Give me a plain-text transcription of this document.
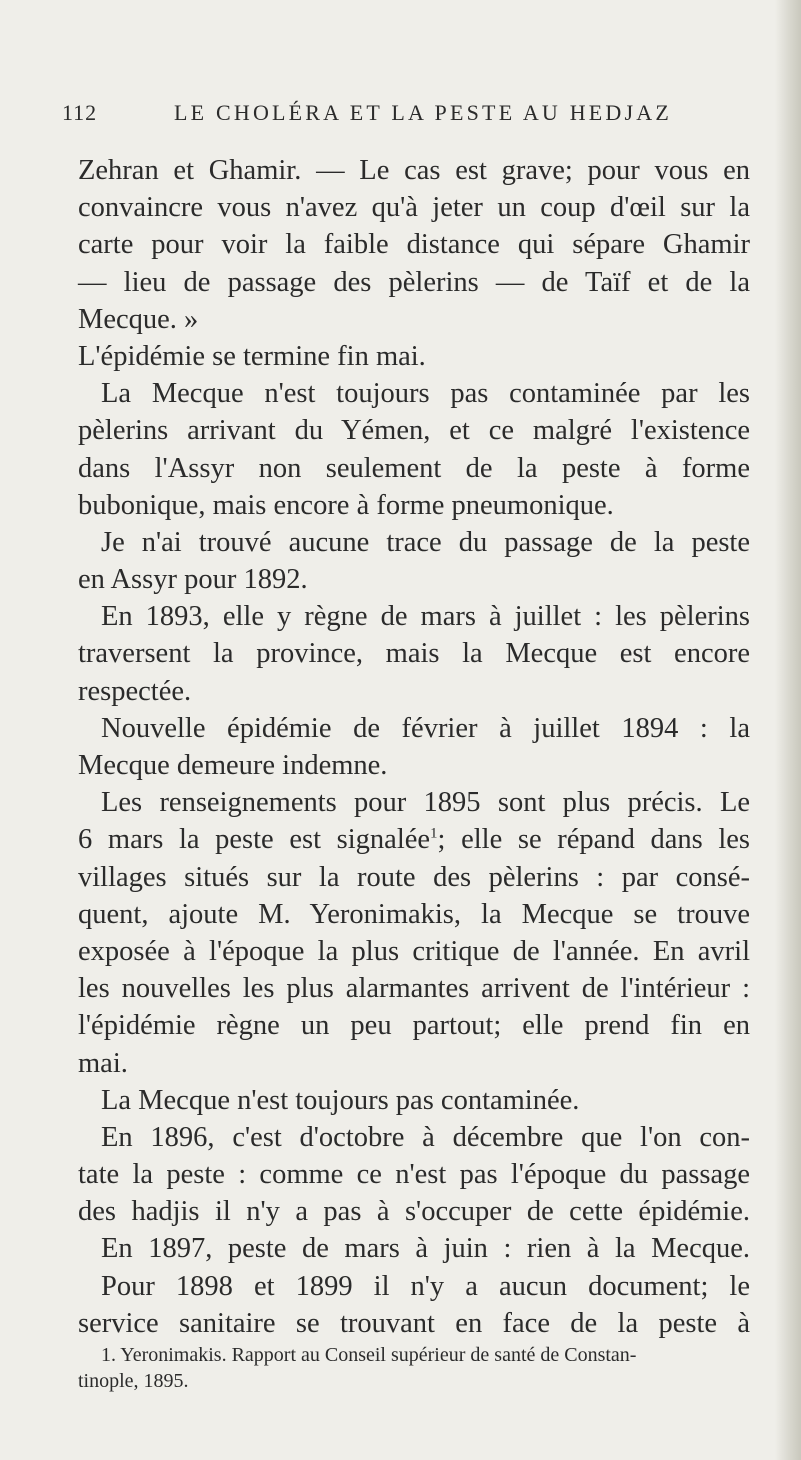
112	LE CHOLÉRA ET LA PESTE AU HEDJAZ
Zehran et Ghamir. — Le cas est grave; pour vous en
convaincre vous n'avez qu'à jeter un coup d'œil sur la
carte pour voir la faible distance qui sépare Ghamir
— lieu de passage des pèlerins — de Taïf et de la
Mecque. »
L'épidémie se termine fin mai.
La Mecque n'est toujours pas contaminée par les
pèlerins arrivant du Yémen, et ce malgré l'existence
dans l'Assyr non seulement de la peste à forme
bubonique, mais encore à forme pneumonique.
Je n'ai trouvé aucune trace du passage de la peste
en Assyr pour 1892.
En 1893, elle y règne de mars à juillet : les pèlerins
traversent la province, mais la Mecque est encore
respectée.
Nouvelle épidémie de février à juillet 1894 : la
Mecque demeure indemne.
Les renseignements pour 1895 sont plus précis. Le
6 mars la peste est signalée$^1$; elle se répand dans les
villages situés sur la route des pèlerins : par consé-
quent, ajoute M. Yeronimakis, la Mecque se trouve
exposée à l'époque la plus critique de l'année. En avril
les nouvelles les plus alarmantes arrivent de l'intérieur :
l'épidémie règne un peu partout; elle prend fin en
mai.
La Mecque n'est toujours pas contaminée.
En 1896, c'est d'octobre à décembre que l'on con-
tate la peste : comme ce n'est pas l'époque du passage
des hadjis il n'y a pas à s'occuper de cette épidémie.
En 1897, peste de mars à juin : rien à la Mecque.
Pour 1898 et 1899 il n'y a aucun document; le
service sanitaire se trouvant en face de la peste à
1. Yeronimakis. Rapport au Conseil supérieur de santé de Constan-
tinople, 1895.
